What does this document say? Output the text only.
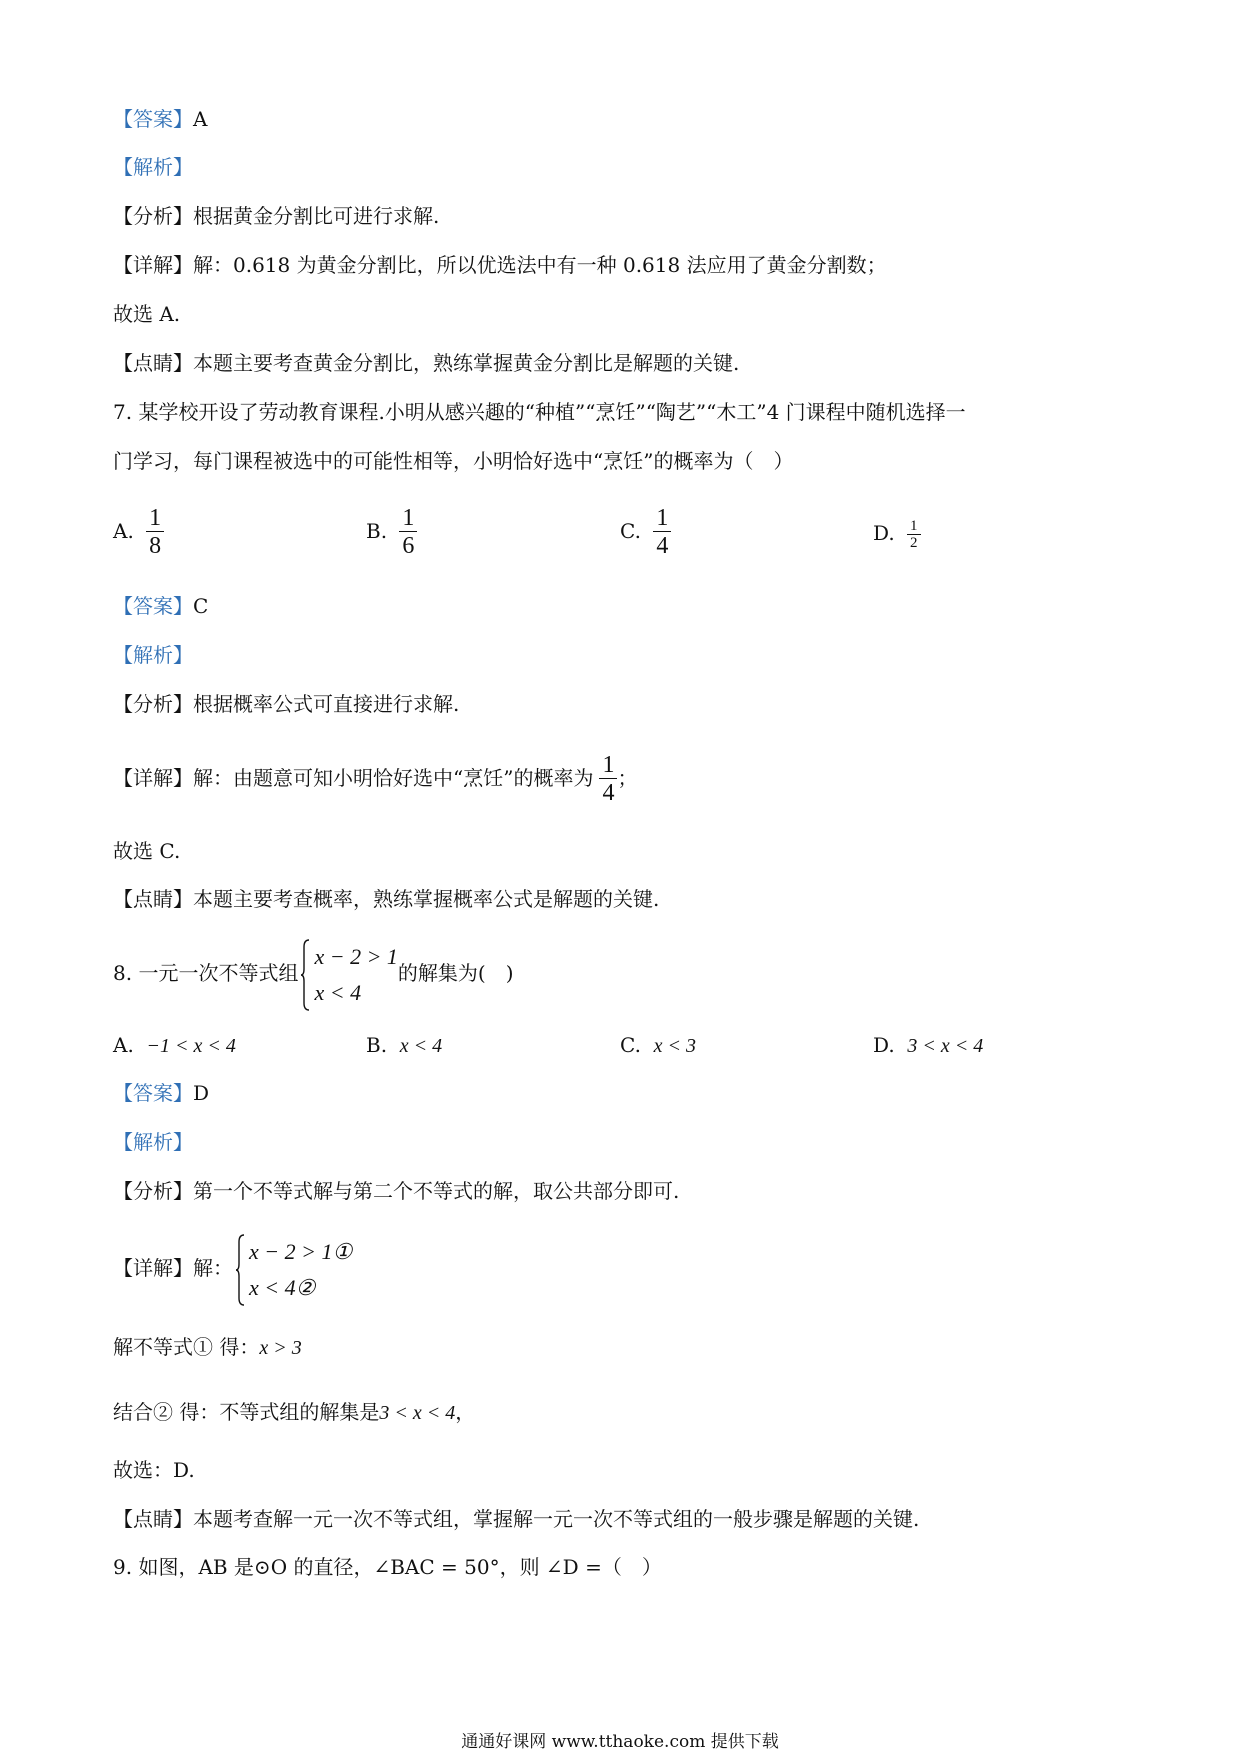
【答案】A
【解析】
【分析】根据黄金分割比可进行求解.
【详解】解：0.618 为黄金分割比，所以优选法中有一种 0.618 法应用了黄金分割数；
故选 A.
【点睛】本题主要考查黄金分割比，熟练掌握黄金分割比是解题的关键.
7. 某学校开设了劳动教育课程.小明从感兴趣的“种植”“烹饪”“陶艺”“木工”4 门课程中随机选择一
门学习，每门课程被选中的可能性相等，小明恰好选中“烹饪”的概率为（　）
A. $\frac{1}{8}$	B. $\frac{1}{6}$	C. $\frac{1}{4}$	D. $\frac{1}{2}$
【答案】C
【解析】
【分析】根据概率公式可直接进行求解.
【详解】解：由题意可知小明恰好选中“烹饪”的概率为 $\frac{1}{4}$ ；
故选 C.
【点睛】本题主要考查概率，熟练掌握概率公式是解题的关键.
8. 一元一次不等式组
x − 2 > 1
x < 4
的解集为(　)
A. −1 < x < 4	B. x < 4	C. x < 3	D. 3 < x < 4
【答案】D
【解析】
【分析】第一个不等式解与第二个不等式的解，取公共部分即可.
【详解】解：
x − 2 > 1①
x < 4②
解不等式① 得：x > 3
结合② 得：不等式组的解集是3 < x < 4，
故选：D.
【点睛】本题考查解一元一次不等式组，掌握解一元一次不等式组的一般步骤是解题的关键.
9. 如图，AB 是⊙O 的直径，∠BAC = 50°，则 ∠D =（　）
通通好课网 www.tthaoke.com 提供下载
